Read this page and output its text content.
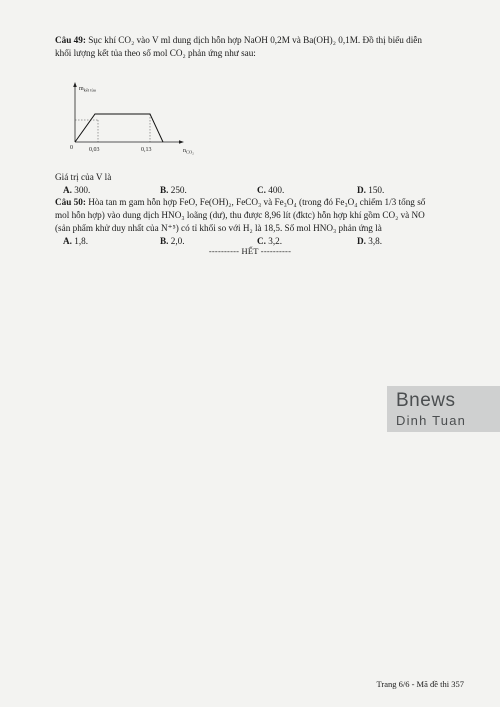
Câu 49: Sục khí CO₂ vào V ml dung dịch hỗn hợp NaOH 0,2M và Ba(OH)₂ 0,1M. Đồ thị biểu diễn
khối lượng kết tủa theo số mol CO₂ phản ứng như sau:
$m_{kết tủa}$
0	0,03	0,13	$n_{CO_2}$
Giá trị của V là
A. 300.	B. 250.	C. 400.	D. 150.
Câu 50: Hòa tan m gam hỗn hợp FeO, Fe(OH)₂, FeCO₃ và Fe₃O₄ (trong đó Fe₃O₄ chiếm 1/3 tổng số
mol hỗn hợp) vào dung dịch HNO₃ loãng (dư), thu được 8,96 lít (đktc) hỗn hợp khí gồm CO₂ và NO
(sản phẩm khử duy nhất của N⁺⁵) có tỉ khối so với H₂ là 18,5. Số mol HNO₃ phản ứng là
A. 1,8.	B. 2,0.	C. 3,2.	D. 3,8.
---------- HẾT ----------
Bnews
Dinh Tuan
Trang 6/6 - Mã đề thi 357
